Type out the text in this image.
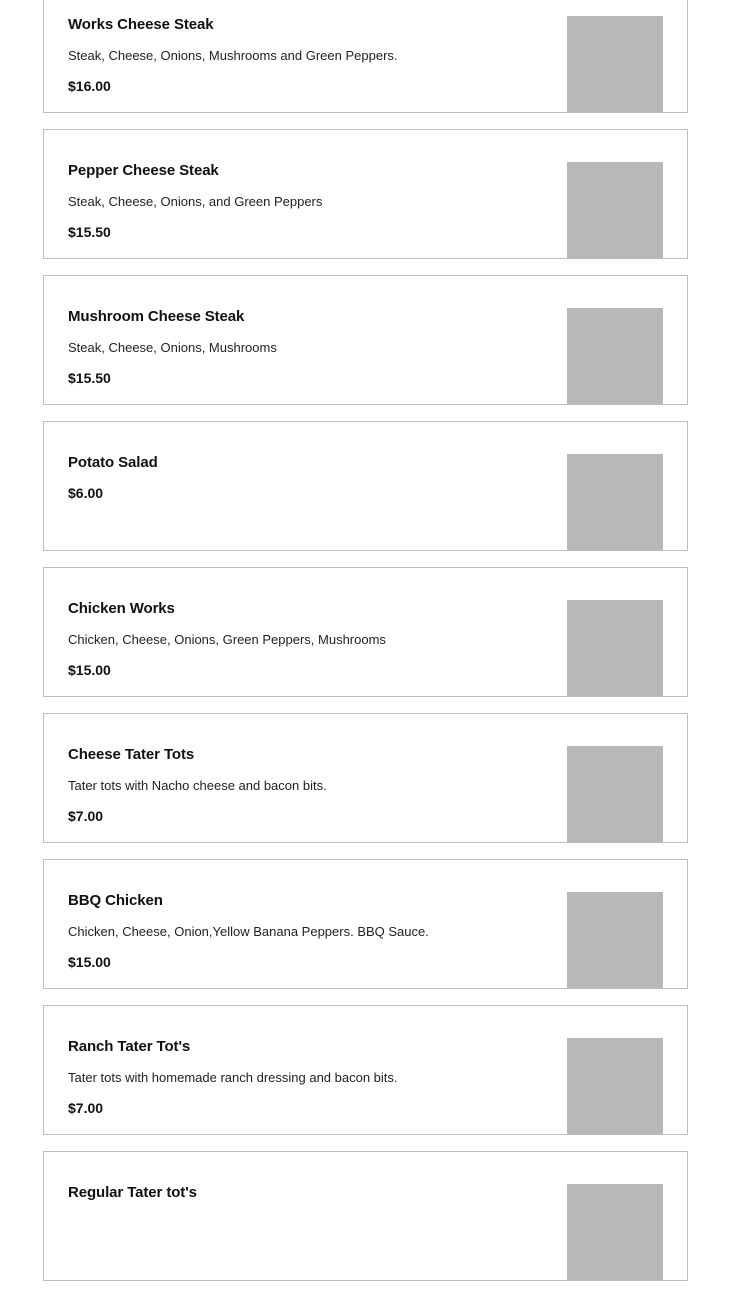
Works Cheese Steak
Steak, Cheese, Onions, Mushrooms and Green Peppers.
$16.00
Pepper Cheese Steak
Steak, Cheese, Onions, and Green Peppers
$15.50
Mushroom Cheese Steak
Steak, Cheese, Onions, Mushrooms
$15.50
Potato Salad
$6.00
Chicken Works
Chicken, Cheese, Onions, Green Peppers, Mushrooms
$15.00
Cheese Tater Tots
Tater tots with Nacho cheese and bacon bits.
$7.00
BBQ Chicken
Chicken, Cheese, Onion,Yellow Banana Peppers. BBQ Sauce.
$15.00
Ranch Tater Tot's
Tater tots with homemade ranch dressing and bacon bits.
$7.00
Regular Tater tot's
